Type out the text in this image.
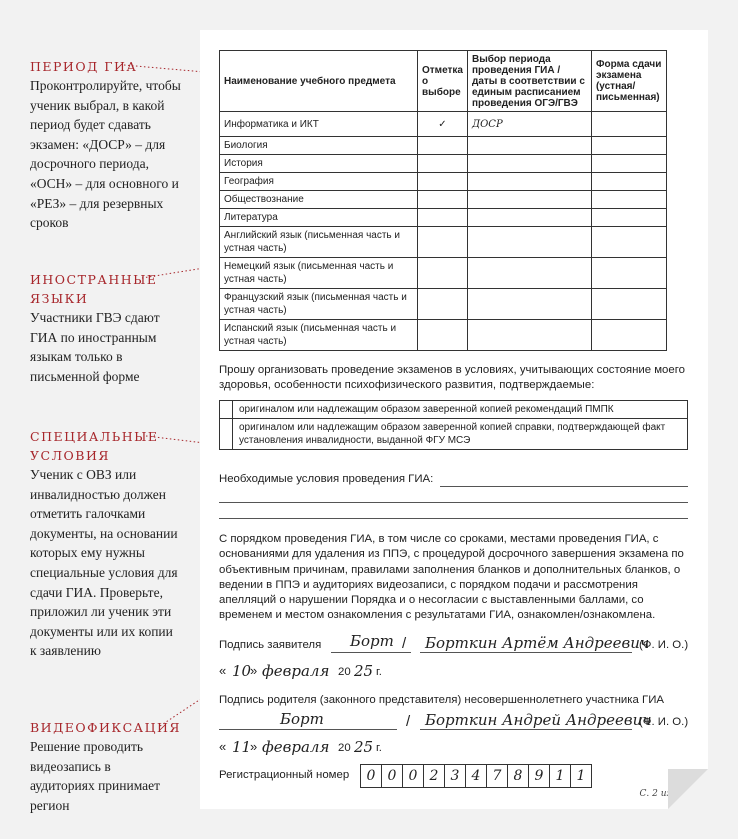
ПЕРИОД ГИА
Проконтролируйте, чтобы ученик выбрал, в какой период будет сдавать экзамен: «ДОСР» – для досрочного периода, «ОСН» – для основного и «РЕЗ» – для резервных сроков
ИНОСТРАННЫЕ ЯЗЫКИ
Участники ГВЭ сдают ГИА по иностранным языкам только в письменной форме
СПЕЦИАЛЬНЫЕ УСЛОВИЯ
Ученик с ОВЗ или инвалидностью должен отметить галочками документы, на основании которых ему нужны специальные условия для сдачи ГИА. Проверьте, приложил ли ученик эти документы или их копии к заявлению
ВИДЕОФИКСАЦИЯ
Решение проводить видеозапись в аудиториях принимает регион
Наименование учебного предмета	Отметка о выборе	Выбор периода проведения ГИА / даты в соответствии с единым расписанием проведения ОГЭ/ГВЭ	Форма сдачи экзамена (устная/ письменная)
Информатика и ИКТ	✓	ДОСР	
Биология			
История			
География			
Обществознание			
Литература			
Английский язык (письменная часть и устная часть)			
Немецкий язык (письменная часть и устная часть)			
Французский язык (письменная часть и устная часть)			
Испанский язык (письменная часть и устная часть)			
Прошу организовать проведение экзаменов в условиях, учитывающих состояние моего здоровья, особенности психофизического развития, подтверждаемые:
	оригиналом или надлежащим образом заверенной копией рекомендаций ПМПК
	оригиналом или надлежащим образом заверенной копией справки, подтверждающей факт установления инвалидности, выданной ФГУ МСЭ
Необходимые условия проведения ГИА:
С порядком проведения ГИА, в том числе со сроками, местами проведения ГИА, с основаниями для удаления из ППЭ, с процедурой досрочного завершения экзамена по объективным причинам, правилами заполнения бланков и дополнительных бланков, о ведении в ППЭ и аудиториях видеозаписи, с порядком подачи и рассмотрения апелляций о нарушении Порядка и о несогласии с выставленными баллами, со временем и местом ознакомления с результатами ГИА, ознакомлен/ознакомлена.
Подпись заявителя Борт / Борткин Артём Андреевич
(Ф. И. О.)
« 10
» февраля 20 25 г.
Подпись родителя (законного представителя) несовершеннолетнего участника ГИА
Борт	/ Борткин Андрей Андреевич
(Ф. И. О.)
« 11
» февраля 20 25 г.
Регистрационный номер 0	0	0	2	3	4	7	8	9	1	1
С. 2 из 2
